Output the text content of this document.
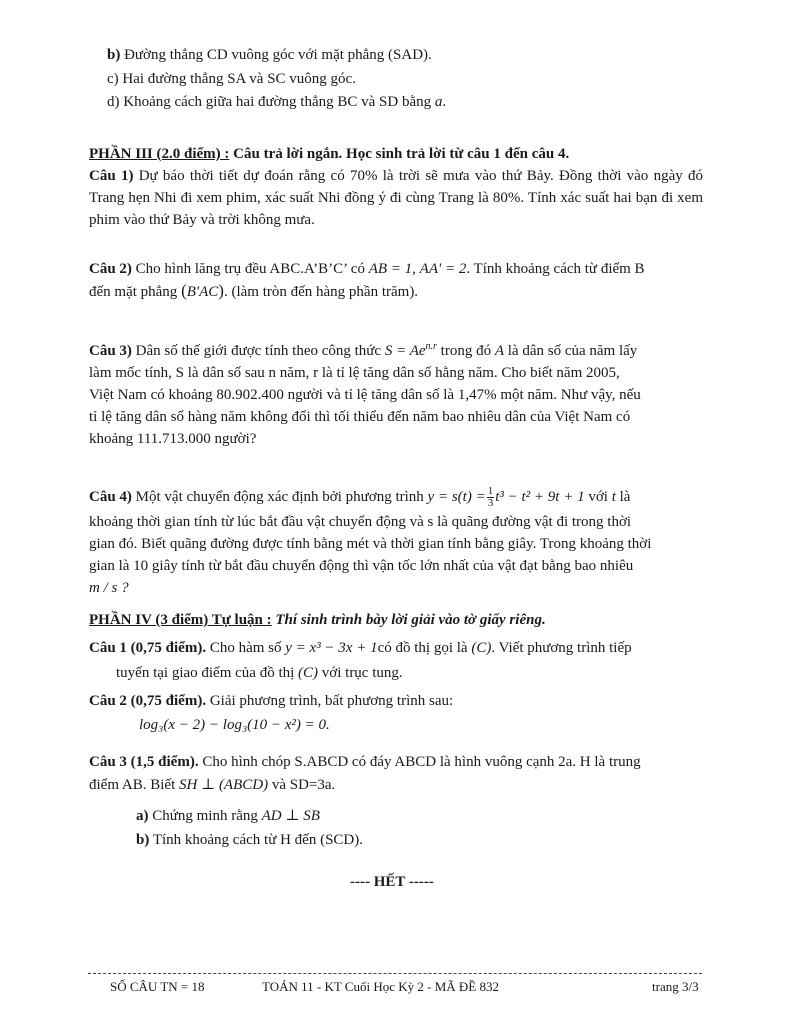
b) Đường thẳng CD vuông góc với mặt phẳng (SAD).
c) Hai đường thẳng SA và SC vuông góc.
d) Khoảng cách giữa hai đường thẳng BC và SD bằng a.
PHẦN III (2.0 điểm) : Câu trả lời ngắn. Học sinh trả lời từ câu 1 đến câu 4.
Câu 1) Dự báo thời tiết dự đoán rằng có 70% là trời sẽ mưa vào thứ Bảy. Đồng thời vào ngày đó Trang hẹn Nhi đi xem phim, xác suất Nhi đồng ý đi cùng Trang là 80%. Tính xác suất hai bạn đi xem phim vào thứ Bảy và trời không mưa.
Câu 2) Cho hình lăng trụ đều ABC.A’B’C’ có AB = 1, AA' = 2. Tính khoảng cách từ điểm B
đến mặt phẳng (B'AC). (làm tròn đến hàng phần trăm).
Câu 3) Dân số thế giới được tính theo công thức $S = Ae^{n.r}$ trong đó A là dân số của năm lấy
làm mốc tính, S là dân số sau n năm, r là tỉ lệ tăng dân số hằng năm. Cho biết năm 2005,
Việt Nam có khoảng 80.902.400 người và tỉ lệ tăng dân số là 1,47% một năm. Như vậy, nếu
tỉ lệ tăng dân số hàng năm không đổi thì tối thiểu đến năm bao nhiêu dân của Việt Nam có
khoảng 111.713.000 người?
Câu 4) Một vật chuyển động xác định bởi phương trình $y = s(t) = \frac{1}{3} t^3 - t^2 + 9t + 1$ với t là
khoảng thời gian tính từ lúc bắt đầu vật chuyển động và s là quãng đường vật đi trong thời
gian đó. Biết quãng đường được tính bằng mét và thời gian tính bằng giây. Trong khoảng thời
gian là 10 giây tính từ bắt đầu chuyển động thì vận tốc lớn nhất của vật đạt bằng bao nhiêu
m / s ?
PHẦN IV (3 điểm) Tự luận : Thí sinh trình bày lời giải vào tờ giấy riêng.
Câu 1 (0,75 điểm). Cho hàm số y = x³ − 3x + 1có đồ thị gọi là (C). Viết phương trình tiếp
tuyến tại giao điểm của đồ thị (C) với trục tung.
Câu 2 (0,75 điểm). Giải phương trình, bất phương trình sau:
log₃(x − 2) − log₃(10 − x²) = 0.
Câu 3 (1,5 điểm). Cho hình chóp S.ABCD có đáy ABCD là hình vuông cạnh 2a. H là trung
điểm AB. Biết SH ⊥ (ABCD) và SD=3a.
a) Chứng minh rằng AD ⊥ SB
b) Tính khoảng cách từ H đến (SCD).
---- HẾT -----
SỐ CÂU TN = 18	TOÁN 11 - KT Cuối Học Kỳ 2 - MÃ ĐỀ 832	trang 3/3
